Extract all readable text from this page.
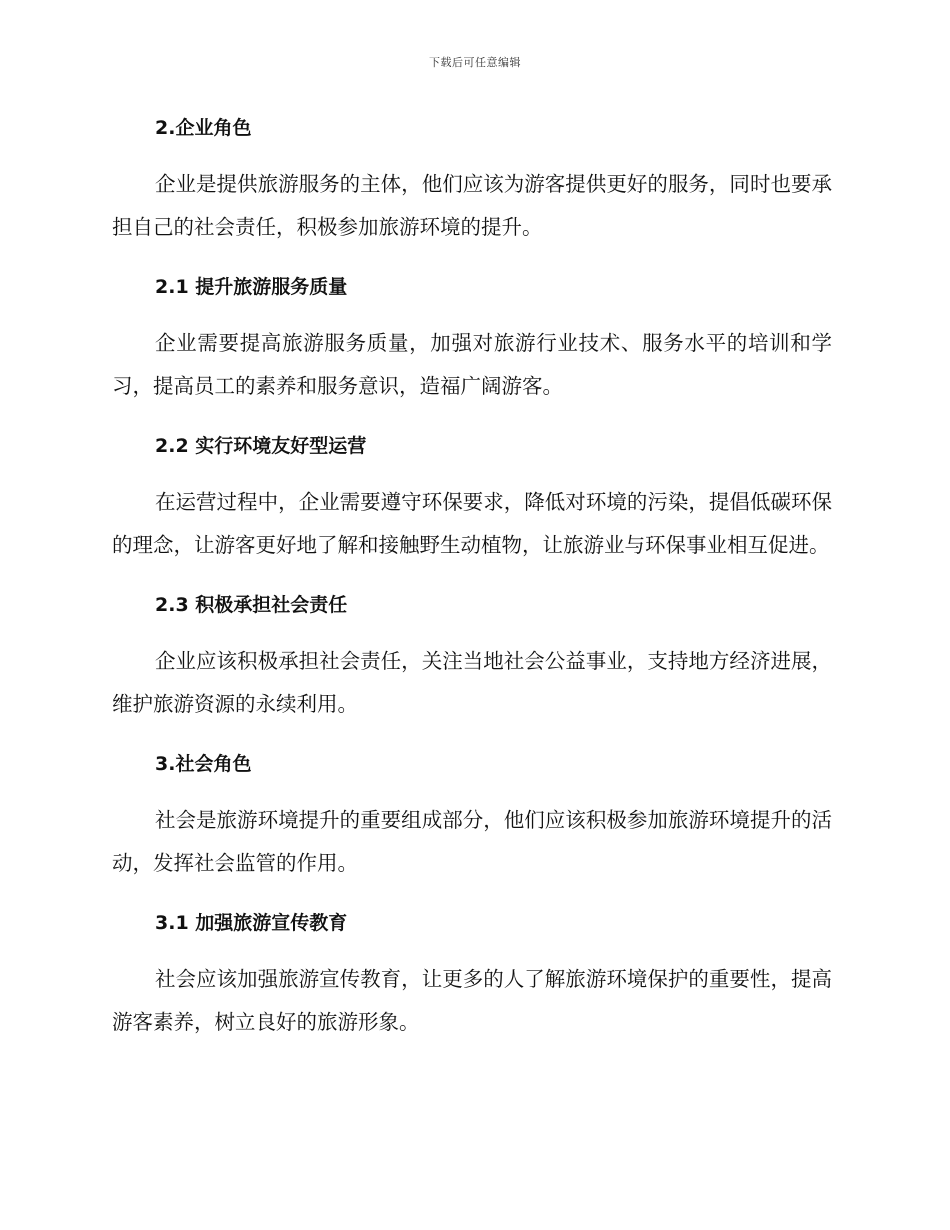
下载后可任意编辑
2.企业角色

企业是提供旅游服务的主体，他们应该为游客提供更好的服务，同时也要承担自己的社会责任，积极参加旅游环境的提升。

2.1 提升旅游服务质量

企业需要提高旅游服务质量，加强对旅游行业技术、服务水平的培训和学习，提高员工的素养和服务意识，造福广阔游客。

2.2 实行环境友好型运营

在运营过程中，企业需要遵守环保要求，降低对环境的污染，提倡低碳环保的理念，让游客更好地了解和接触野生动植物，让旅游业与环保事业相互促进。

2.3 积极承担社会责任

企业应该积极承担社会责任，关注当地社会公益事业，支持地方经济进展，维护旅游资源的永续利用。

3.社会角色

社会是旅游环境提升的重要组成部分，他们应该积极参加旅游环境提升的活动，发挥社会监管的作用。

3.1 加强旅游宣传教育

社会应该加强旅游宣传教育，让更多的人了解旅游环境保护的重要性，提高游客素养，树立良好的旅游形象。
